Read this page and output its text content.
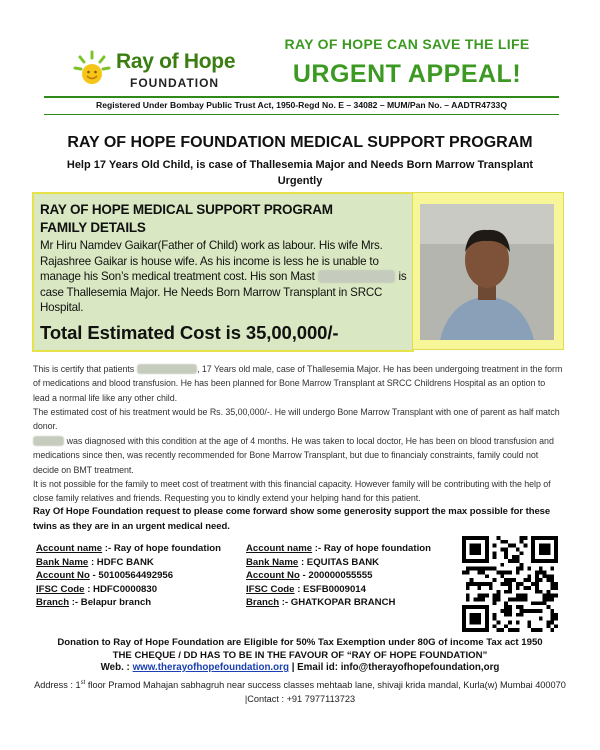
Ray of Hope
FOUNDATION
RAY OF HOPE CAN SAVE THE LIFE
URGENT APPEAL!
Registered Under Bombay Public Trust Act, 1950-Regd No. E – 34082 – MUM/Pan No. – AADTR4733Q
RAY OF HOPE FOUNDATION MEDICAL SUPPORT PROGRAM
Help 17 Years Old Child, is case of Thallesemia Major and Needs Born Marrow Transplant Urgently
RAY OF HOPE MEDICAL SUPPORT PROGRAM
FAMILY DETAILS
Mr Hiru Namdev Gaikar(Father of Child) work as labour. His wife Mrs. Rajashree Gaikar is house wife. As his income is less he is unable to manage his Son’s medical treatment cost. His son Mast	is case Thallesemia Major. He Needs Born Marrow Transplant in SRCC Hospital.
Total Estimated Cost is 35,00,000/-
This is certify that patients	, 17 Years old male, case of Thallesemia Major. He has been undergoing treatment in the form of medications and blood transfusion. He has been planned for Bone Marrow Transplant at SRCC Childrens Hospital as an option to lead a normal life like any other child.
The estimated cost of his treatment would be Rs. 35,00,000/-. He will undergo Bone Marrow Transplant with one of parent as half match donor.
was diagnosed with this condition at the age of 4 months. He was taken to local doctor, He has been on blood transfusion and medications since then, was recently recommended for Bone Marrow Transplant, but due to financialy constraints, family could not decide on BMT treatment.
It is not possible for the family to meet cost of treatment with this financial capacity. However family will be contributing with the help of close family relatives and friends. Requesting you to kindly extend your helping hand for this patient.
Ray Of Hope Foundation request to please come forward show some generosity support the max possible for these twins as they are in an urgent medical need.
Account name :- Ray of hope foundation
Bank Name : HDFC BANK
Account No - 50100564492956
IFSC Code : HDFC0000830
Branch :- Belapur branch
Account name :- Ray of hope foundation
Bank Name : EQUITAS BANK
Account No - 200000055555
IFSC Code : ESFB0009014
Branch :- GHATKOPAR BRANCH
Donation to Ray of Hope Foundation are Eligible for 50% Tax Exemption under 80G of income Tax act 1950
THE CHEQUE / DD HAS TO BE IN THE FAVOUR OF “RAY OF HOPE FOUNDATION”
Web. : www.therayofhopefoundation.org | Email id: info@therayofhopefoundation,org
Address : 1st floor Pramod Mahajan sabhagruh near success classes mehtaab lane, shivaji krida mandal, Kurla(w) Mumbai 400070 |Contact : +91 7977113723
